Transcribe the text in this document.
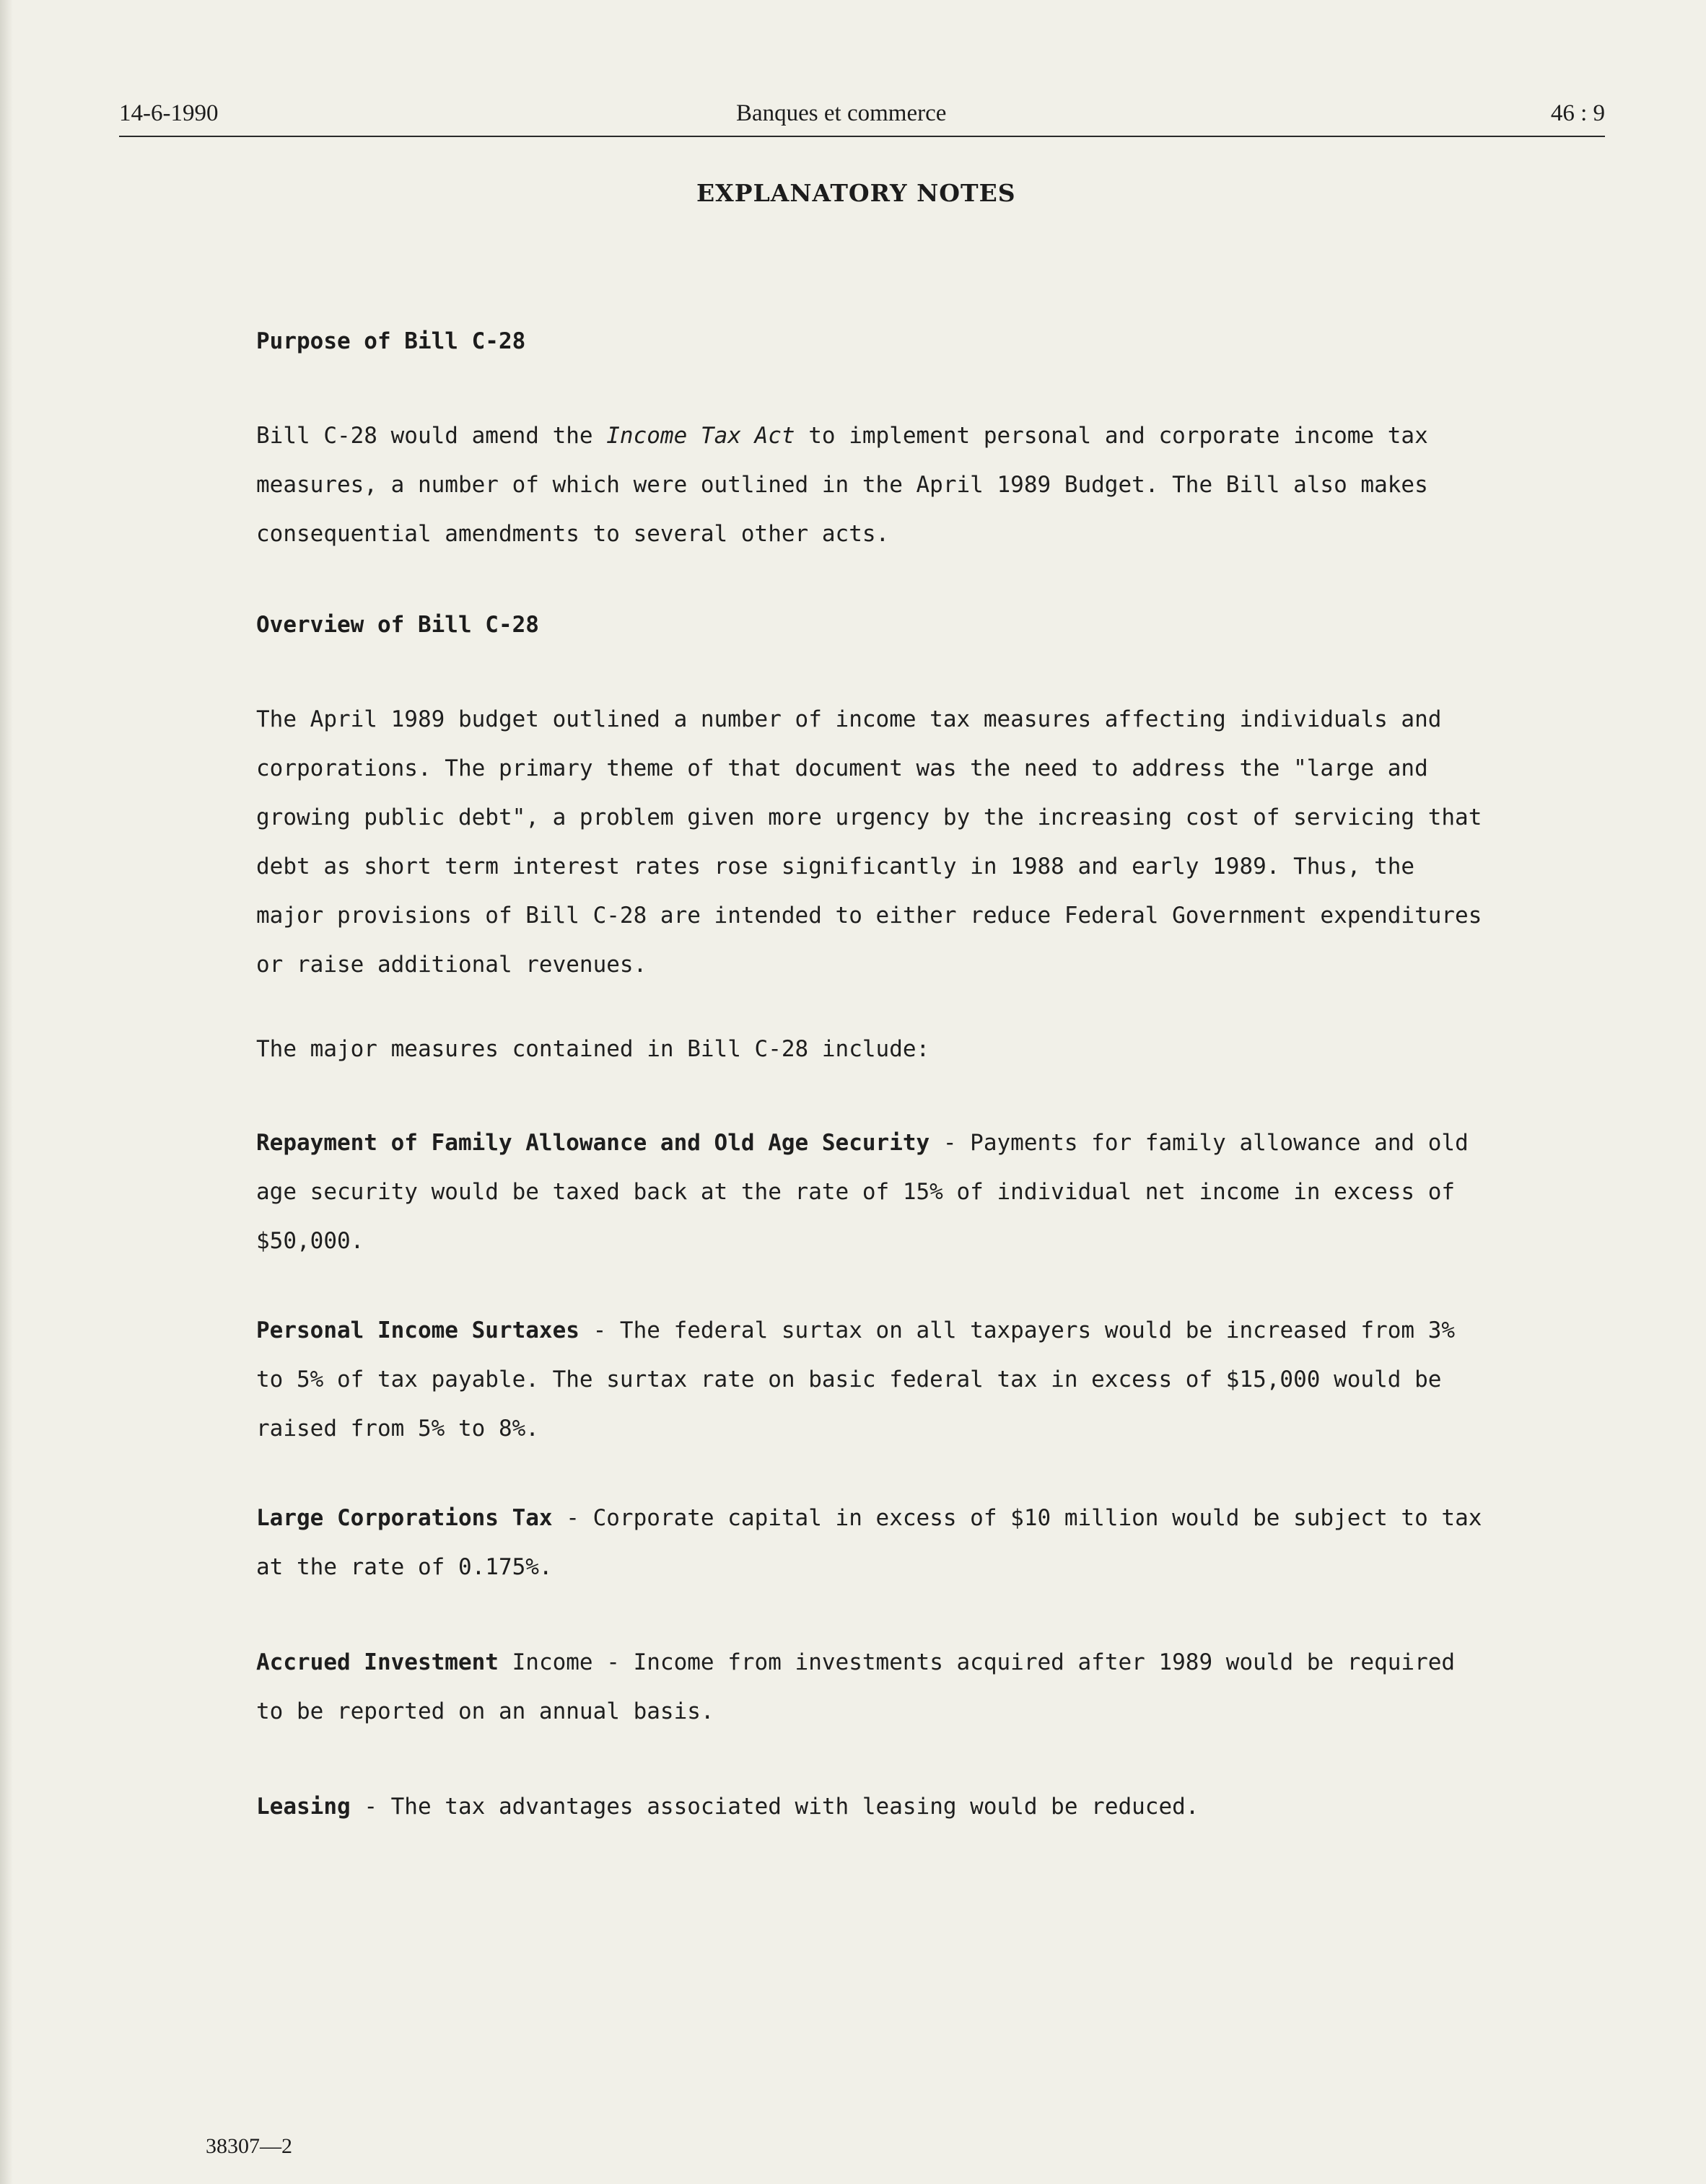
14-6-1990	Banques et commerce	46 : 9
EXPLANATORY NOTES
Purpose of Bill C-28
Bill C-28 would amend the Income Tax Act to implement personal and corporate income tax measures, a number of which were outlined in the April 1989 Budget. The Bill also makes consequential amendments to several other acts.
Overview of Bill C-28
The April 1989 budget outlined a number of income tax measures affecting individuals and corporations. The primary theme of that document was the need to address the "large and growing public debt", a problem given more urgency by the increasing cost of servicing that debt as short term interest rates rose significantly in 1988 and early 1989. Thus, the major provisions of Bill C-28 are intended to either reduce Federal Government expenditures or raise additional revenues.
The major measures contained in Bill C-28 include:
Repayment of Family Allowance and Old Age Security - Payments for family allowance and old age security would be taxed back at the rate of 15% of individual net income in excess of $50,000.
Personal Income Surtaxes - The federal surtax on all taxpayers would be increased from 3% to 5% of tax payable. The surtax rate on basic federal tax in excess of $15,000 would be raised from 5% to 8%.
Large Corporations Tax - Corporate capital in excess of $10 million would be subject to tax at the rate of 0.175%.
Accrued Investment Income - Income from investments acquired after 1989 would be required to be reported on an annual basis.
Leasing - The tax advantages associated with leasing would be reduced.
38307—2
